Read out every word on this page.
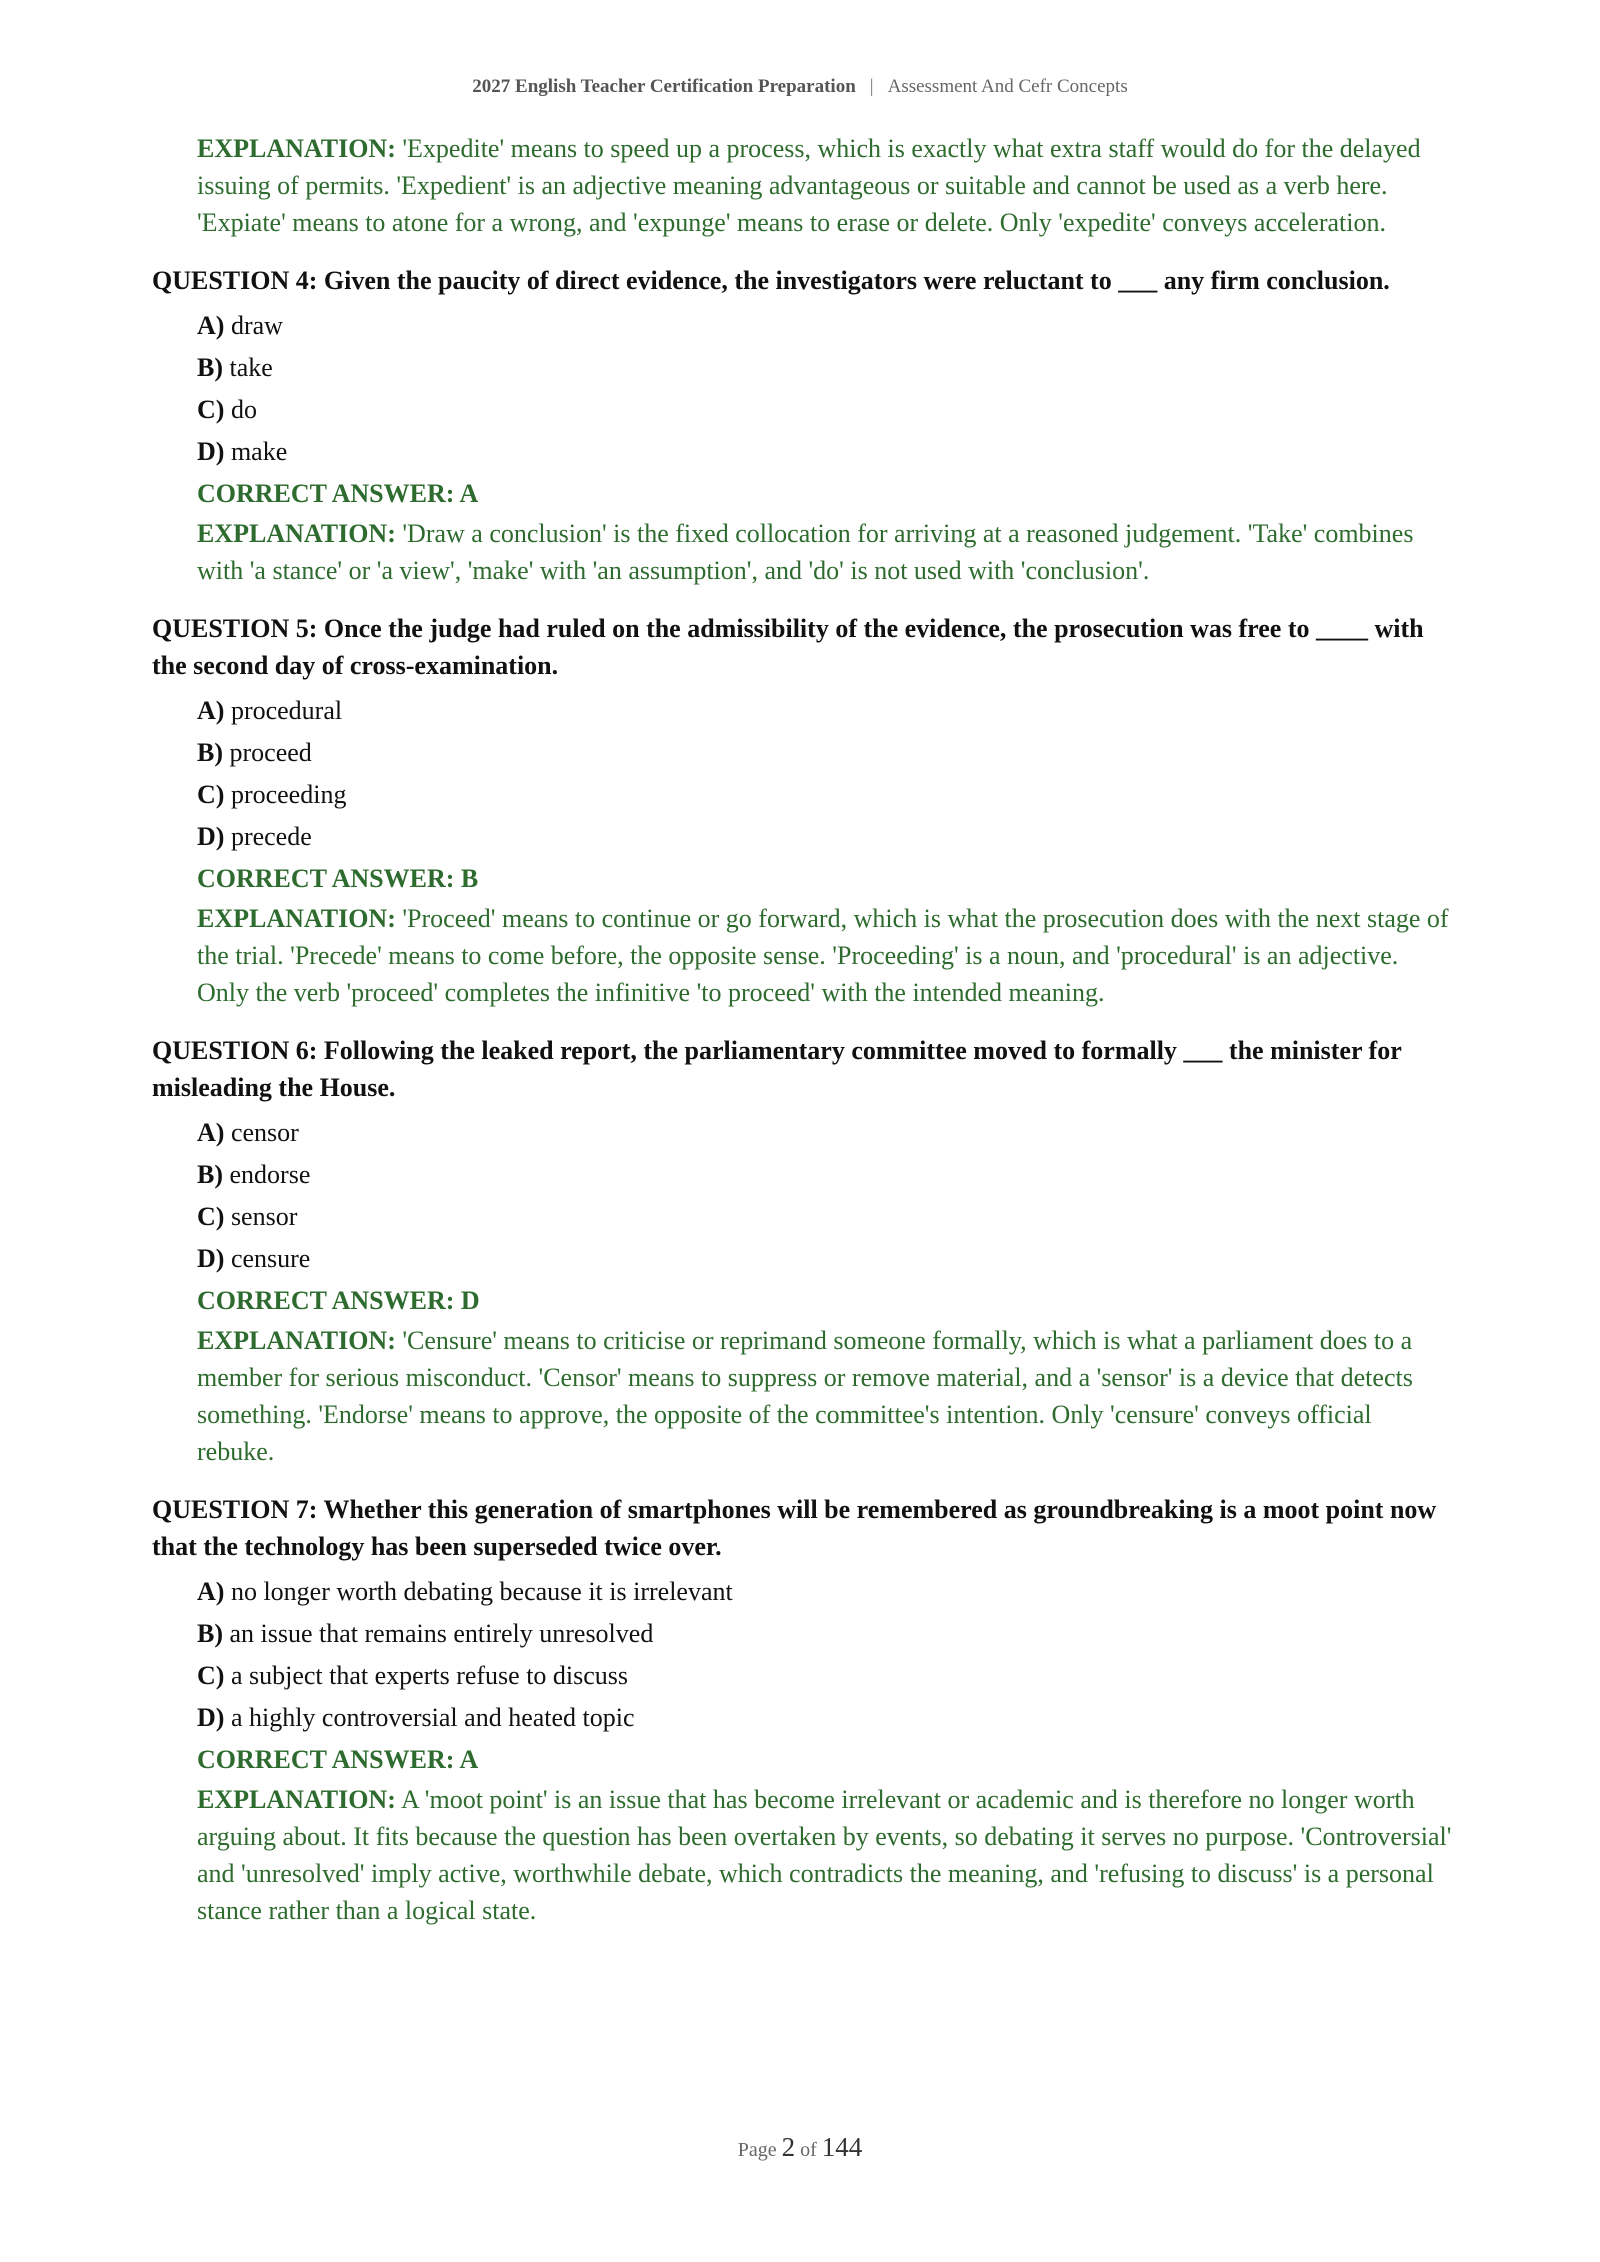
2027 English Teacher Certification Preparation | Assessment And Cefr Concepts
EXPLANATION: 'Expedite' means to speed up a process, which is exactly what extra staff would do for the delayed issuing of permits. 'Expedient' is an adjective meaning advantageous or suitable and cannot be used as a verb here. 'Expiate' means to atone for a wrong, and 'expunge' means to erase or delete. Only 'expedite' conveys acceleration.
QUESTION 4: Given the paucity of direct evidence, the investigators were reluctant to ___ any firm conclusion.
A) draw
B) take
C) do
D) make
CORRECT ANSWER: A
EXPLANATION: 'Draw a conclusion' is the fixed collocation for arriving at a reasoned judgement. 'Take' combines with 'a stance' or 'a view', 'make' with 'an assumption', and 'do' is not used with 'conclusion'.
QUESTION 5: Once the judge had ruled on the admissibility of the evidence, the prosecution was free to ____ with the second day of cross-examination.
A) procedural
B) proceed
C) proceeding
D) precede
CORRECT ANSWER: B
EXPLANATION: 'Proceed' means to continue or go forward, which is what the prosecution does with the next stage of the trial. 'Precede' means to come before, the opposite sense. 'Proceeding' is a noun, and 'procedural' is an adjective. Only the verb 'proceed' completes the infinitive 'to proceed' with the intended meaning.
QUESTION 6: Following the leaked report, the parliamentary committee moved to formally ___ the minister for misleading the House.
A) censor
B) endorse
C) sensor
D) censure
CORRECT ANSWER: D
EXPLANATION: 'Censure' means to criticise or reprimand someone formally, which is what a parliament does to a member for serious misconduct. 'Censor' means to suppress or remove material, and a 'sensor' is a device that detects something. 'Endorse' means to approve, the opposite of the committee's intention. Only 'censure' conveys official rebuke.
QUESTION 7: Whether this generation of smartphones will be remembered as groundbreaking is a moot point now that the technology has been superseded twice over.
A) no longer worth debating because it is irrelevant
B) an issue that remains entirely unresolved
C) a subject that experts refuse to discuss
D) a highly controversial and heated topic
CORRECT ANSWER: A
EXPLANATION: A 'moot point' is an issue that has become irrelevant or academic and is therefore no longer worth arguing about. It fits because the question has been overtaken by events, so debating it serves no purpose. 'Controversial' and 'unresolved' imply active, worthwhile debate, which contradicts the meaning, and 'refusing to discuss' is a personal stance rather than a logical state.
Page 2 of 144
